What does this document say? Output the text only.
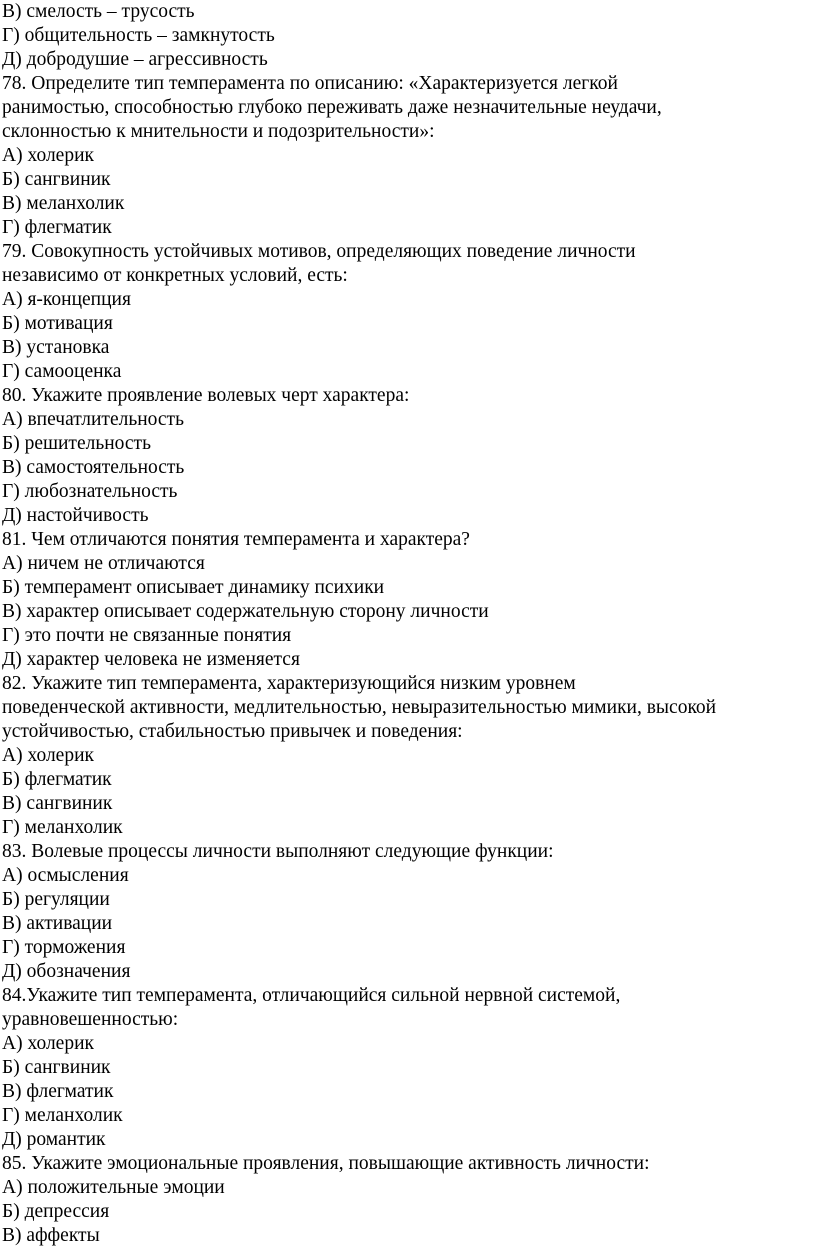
В) смелость – трусость
Г) общительность – замкнутость
Д) добродушие – агрессивность
78. Определите тип темперамента по описанию: «Характеризуется легкой
ранимостью, способностью глубоко переживать даже незначительные неудачи,
склонностью к мнительности и подозрительности»:
А) холерик
Б) сангвиник
В) меланхолик
Г) флегматик
79. Совокупность устойчивых мотивов, определяющих поведение личности
независимо от конкретных условий, есть:
А) я-концепция
Б) мотивация
В) установка
Г) самооценка
80. Укажите проявление волевых черт характера:
А) впечатлительность
Б) решительность
В) самостоятельность
Г) любознательность
Д) настойчивость
81. Чем отличаются понятия темперамента и характера?
А) ничем не отличаются
Б) темперамент описывает динамику психики
В) характер описывает содержательную сторону личности
Г) это почти не связанные понятия
Д) характер человека не изменяется
82. Укажите тип темперамента, характеризующийся низким уровнем
поведенческой активности, медлительностью, невыразительностью мимики, высокой
устойчивостью, стабильностью привычек и поведения:
А) холерик
Б) флегматик
В) сангвиник
Г) меланхолик
83. Волевые процессы личности выполняют следующие функции:
А) осмысления
Б) регуляции
В) активации
Г) торможения
Д) обозначения
84.Укажите тип темперамента, отличающийся сильной нервной системой,
уравновешенностью:
А) холерик
Б) сангвиник
В) флегматик
Г) меланхолик
Д) романтик
85. Укажите эмоциональные проявления, повышающие активность личности:
А) положительные эмоции
Б) депрессия
В) аффекты
